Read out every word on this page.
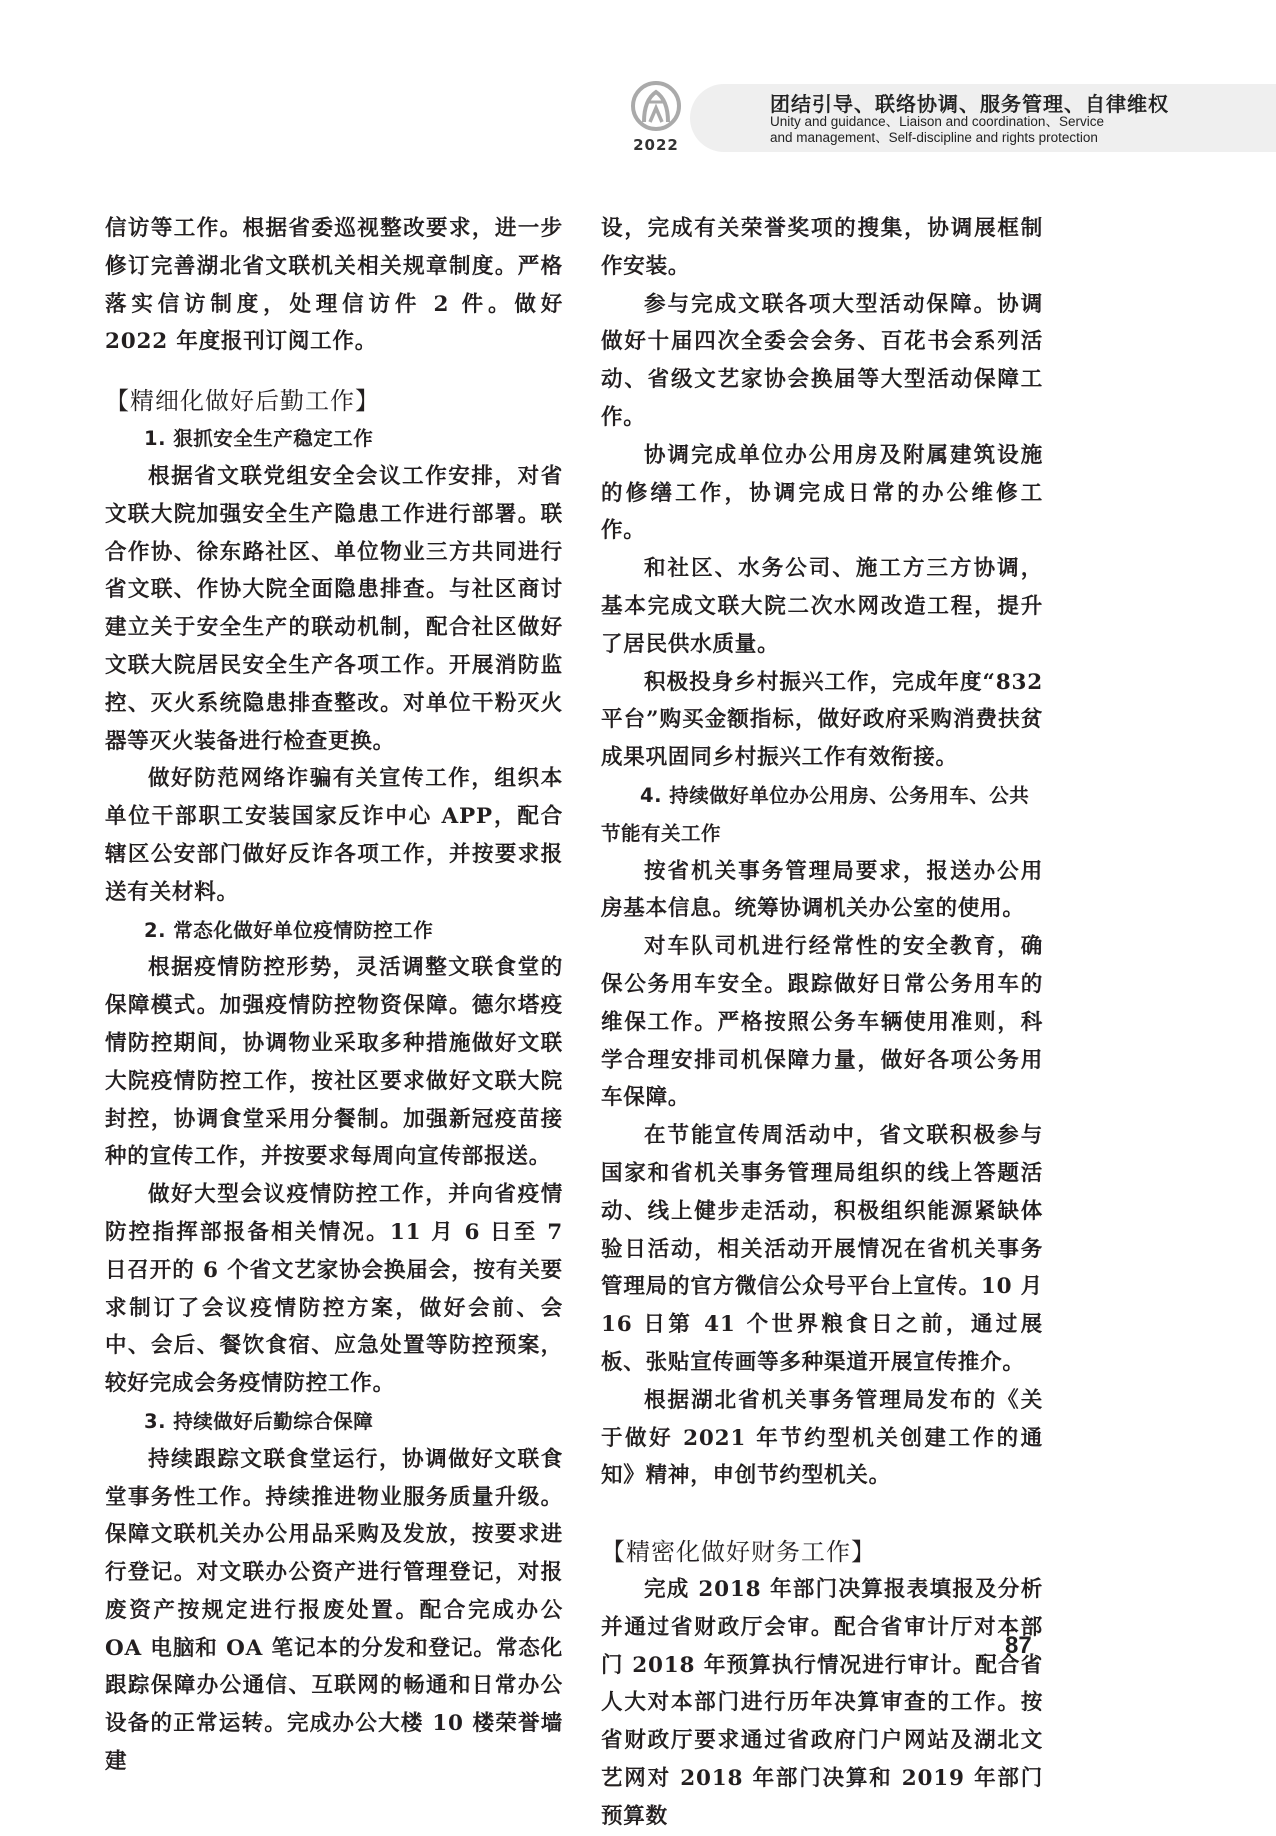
2022
团结引导、联络协调、服务管理、自律维权
Unity and guidance、Liaison and coordination、Service
and management、Self-discipline and rights protection

信访等工作。根据省委巡视整改要求，进一步修订完善湖北省文联机关相关规章制度。严格落实信访制度，处理信访件 2 件。做好 2022 年度报刊订阅工作。

【精细化做好后勤工作】
1. 狠抓安全生产稳定工作

根据省文联党组安全会议工作安排，对省文联大院加强安全生产隐患工作进行部署。联合作协、徐东路社区、单位物业三方共同进行省文联、作协大院全面隐患排查。与社区商讨建立关于安全生产的联动机制，配合社区做好文联大院居民安全生产各项工作。开展消防监控、灭火系统隐患排查整改。对单位干粉灭火器等灭火装备进行检查更换。

做好防范网络诈骗有关宣传工作，组织本单位干部职工安装国家反诈中心 APP，配合辖区公安部门做好反诈各项工作，并按要求报送有关材料。

2. 常态化做好单位疫情防控工作

根据疫情防控形势，灵活调整文联食堂的保障模式。加强疫情防控物资保障。德尔塔疫情防控期间，协调物业采取多种措施做好文联大院疫情防控工作，按社区要求做好文联大院封控，协调食堂采用分餐制。加强新冠疫苗接种的宣传工作，并按要求每周向宣传部报送。

做好大型会议疫情防控工作，并向省疫情防控指挥部报备相关情况。11 月 6 日至 7 日召开的 6 个省文艺家协会换届会，按有关要求制订了会议疫情防控方案，做好会前、会中、会后、餐饮食宿、应急处置等防控预案，较好完成会务疫情防控工作。

3. 持续做好后勤综合保障

持续跟踪文联食堂运行，协调做好文联食堂事务性工作。持续推进物业服务质量升级。保障文联机关办公用品采购及发放，按要求进行登记。对文联办公资产进行管理登记，对报废资产按规定进行报废处置。配合完成办公 OA 电脑和 OA 笔记本的分发和登记。常态化跟踪保障办公通信、互联网的畅通和日常办公设备的正常运转。完成办公大楼 10 楼荣誉墙建

设，完成有关荣誉奖项的搜集，协调展框制作安装。

参与完成文联各项大型活动保障。协调做好十届四次全委会会务、百花书会系列活动、省级文艺家协会换届等大型活动保障工作。

协调完成单位办公用房及附属建筑设施的修缮工作，协调完成日常的办公维修工作。

和社区、水务公司、施工方三方协调，基本完成文联大院二次水网改造工程，提升了居民供水质量。

积极投身乡村振兴工作，完成年度“832 平台”购买金额指标，做好政府采购消费扶贫成果巩固同乡村振兴工作有效衔接。

4. 持续做好单位办公用房、公务用车、公共节能有关工作

按省机关事务管理局要求，报送办公用房基本信息。统筹协调机关办公室的使用。

对车队司机进行经常性的安全教育，确保公务用车安全。跟踪做好日常公务用车的维保工作。严格按照公务车辆使用准则，科学合理安排司机保障力量，做好各项公务用车保障。

在节能宣传周活动中，省文联积极参与国家和省机关事务管理局组织的线上答题活动、线上健步走活动，积极组织能源紧缺体验日活动，相关活动开展情况在省机关事务管理局的官方微信公众号平台上宣传。10 月 16 日第 41 个世界粮食日之前，通过展板、张贴宣传画等多种渠道开展宣传推介。

根据湖北省机关事务管理局发布的《关于做好 2021 年节约型机关创建工作的通知》精神，申创节约型机关。

【精密化做好财务工作】

完成 2018 年部门决算报表填报及分析并通过省财政厅会审。配合省审计厅对本部门 2018 年预算执行情况进行审计。配合省人大对本部门进行历年决算审查的工作。按省财政厅要求通过省政府门户网站及湖北文艺网对 2018 年部门决算和 2019 年部门预算数

87
